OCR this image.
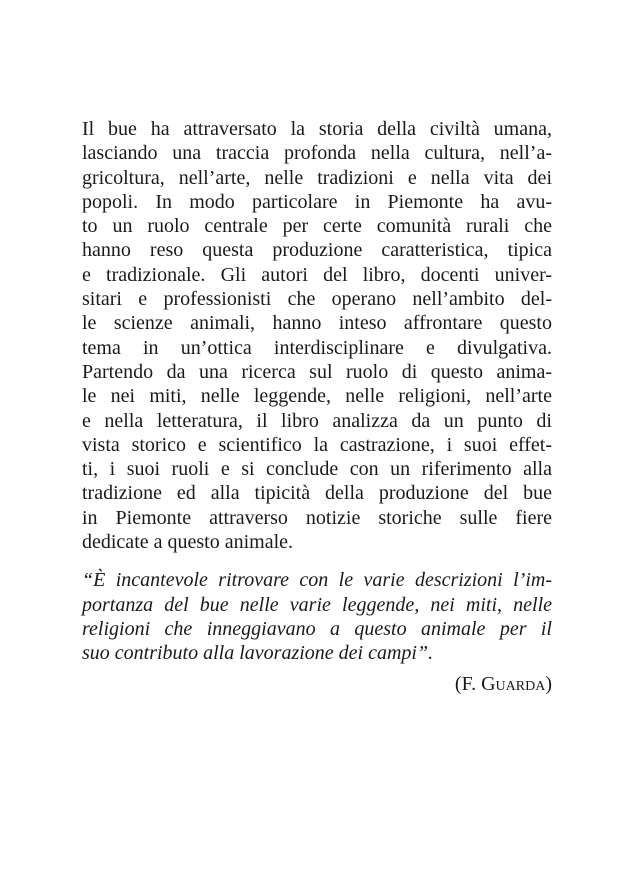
Il bue ha attraversato la storia della civiltà umana,
lasciando una traccia profonda nella cultura, nell’a-
gricoltura, nell’arte, nelle tradizioni e nella vita dei
popoli. In modo particolare in Piemonte ha avu-
to un ruolo centrale per certe comunità rurali che
hanno reso questa produzione caratteristica, tipica
e tradizionale. Gli autori del libro, docenti univer-
sitari e professionisti che operano nell’ambito del-
le scienze animali, hanno inteso affrontare questo
tema in un’ottica interdisciplinare e divulgativa.
Partendo da una ricerca sul ruolo di questo anima-
le nei miti, nelle leggende, nelle religioni, nell’arte
e nella letteratura, il libro analizza da un punto di
vista storico e scientifico la castrazione, i suoi effet-
ti, i suoi ruoli e si conclude con un riferimento alla
tradizione ed alla tipicità della produzione del bue
in Piemonte attraverso notizie storiche sulle fiere
dedicate a questo animale.

“È incantevole ritrovare con le varie descrizioni l’im-
portanza del bue nelle varie leggende, nei miti, nelle
religioni che inneggiavano a questo animale per il
suo contributo alla lavorazione dei campi”.

(F. Guarda)
